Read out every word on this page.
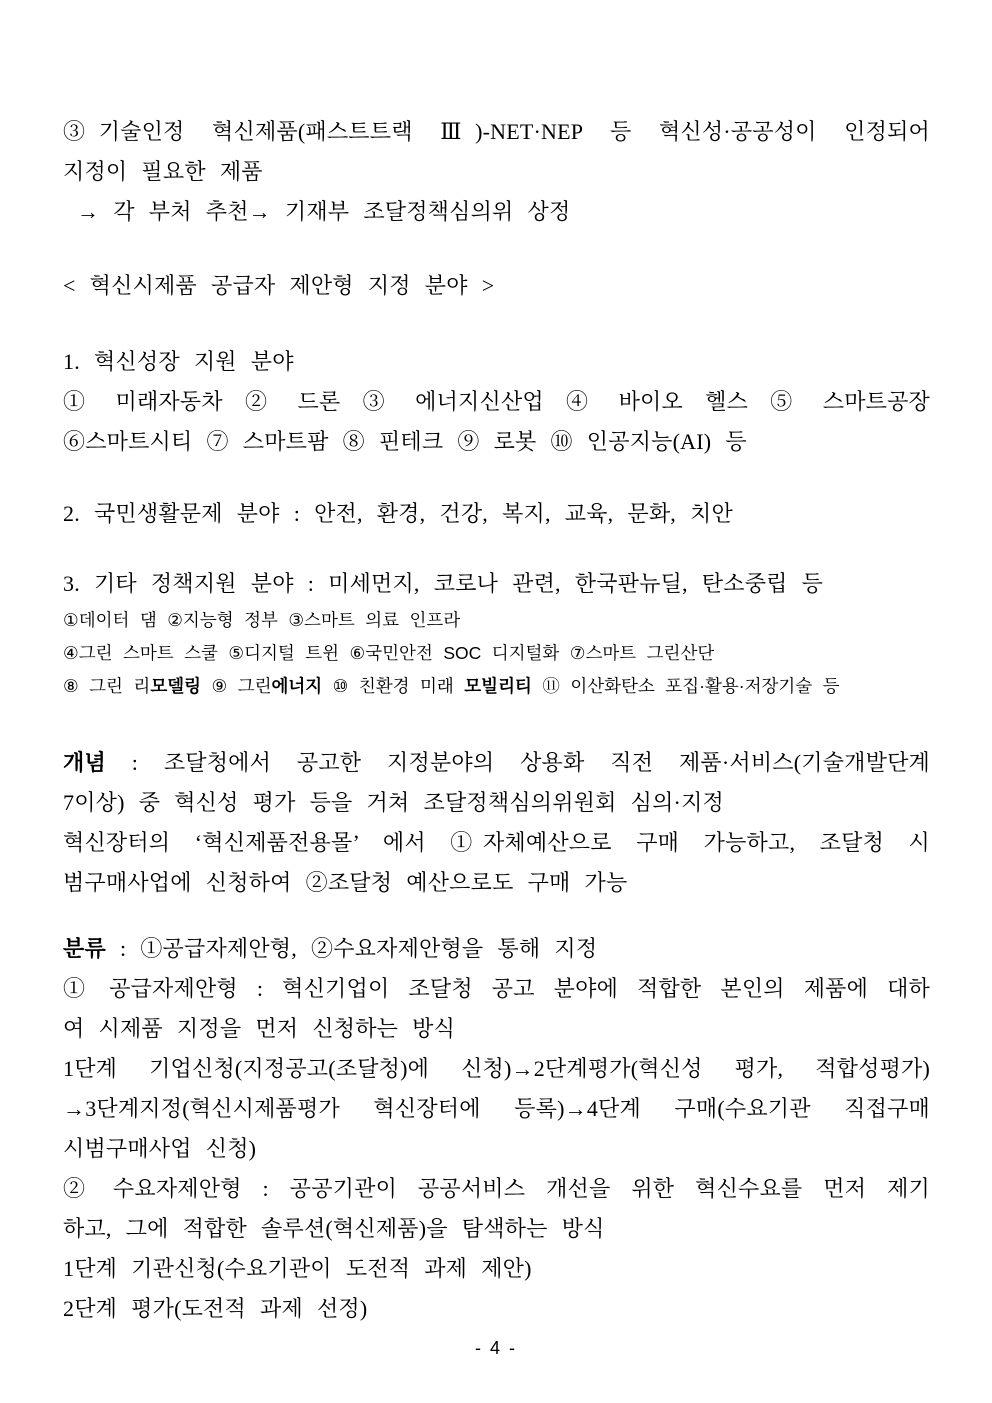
③기술인정 혁신제품(패스트트랙 Ⅲ)-NET·NEP 등 혁신성·공공성이 인정되어
지정이 필요한 제품
→ 각 부처 추천→ 기재부 조달정책심의위 상정
< 혁신시제품 공급자 제안형 지정 분야 >
1. 혁신성장 지원 분야
① 미래자동차 ② 드론 ③ 에너지신산업 ④ 바이오 헬스 ⑤ 스마트공장
⑥스마트시티 ⑦ 스마트팜 ⑧ 핀테크 ⑨ 로봇 ⑩ 인공지능(AI) 등
2. 국민생활문제 분야 : 안전, 환경, 건강, 복지, 교육, 문화, 치안
3. 기타 정책지원 분야 : 미세먼지, 코로나 관련, 한국판뉴딜, 탄소중립 등
①데이터 댐 ②지능형 정부 ③스마트 의료 인프라
④그린 스마트 스쿨 ⑤디지털 트윈 ⑥국민안전 SOC 디지털화 ⑦스마트 그린산단
⑧ 그린 리모델링 ⑨ 그린에너지 ⑩ 친환경 미래 모빌리티 ⑪ 이산화탄소 포집·활용·저장기술 등
개념 : 조달청에서 공고한 지정분야의 상용화 직전 제품·서비스(기술개발단계
7이상) 중 혁신성 평가 등을 거쳐 조달정책심의위원회 심의·지정
혁신장터의 ‘혁신제품전용몰’ 에서 ①자체예산으로 구매 가능하고, 조달청 시
범구매사업에 신청하여 ②조달청 예산으로도 구매 가능
분류 : ①공급자제안형, ②수요자제안형을 통해 지정
① 공급자제안형 : 혁신기업이 조달청 공고 분야에 적합한 본인의 제품에 대하
여 시제품 지정을 먼저 신청하는 방식
1단계 기업신청(지정공고(조달청)에 신청)→2단계평가(혁신성 평가, 적합성평가)
→3단계지정(혁신시제품평가 혁신장터에 등록)→4단계 구매(수요기관 직접구매
시범구매사업 신청)
② 수요자제안형 : 공공기관이 공공서비스 개선을 위한 혁신수요를 먼저 제기
하고, 그에 적합한 솔루션(혁신제품)을 탐색하는 방식
1단계 기관신청(수요기관이 도전적 과제 제안)
2단계 평가(도전적 과제 선정)
- 4 -
